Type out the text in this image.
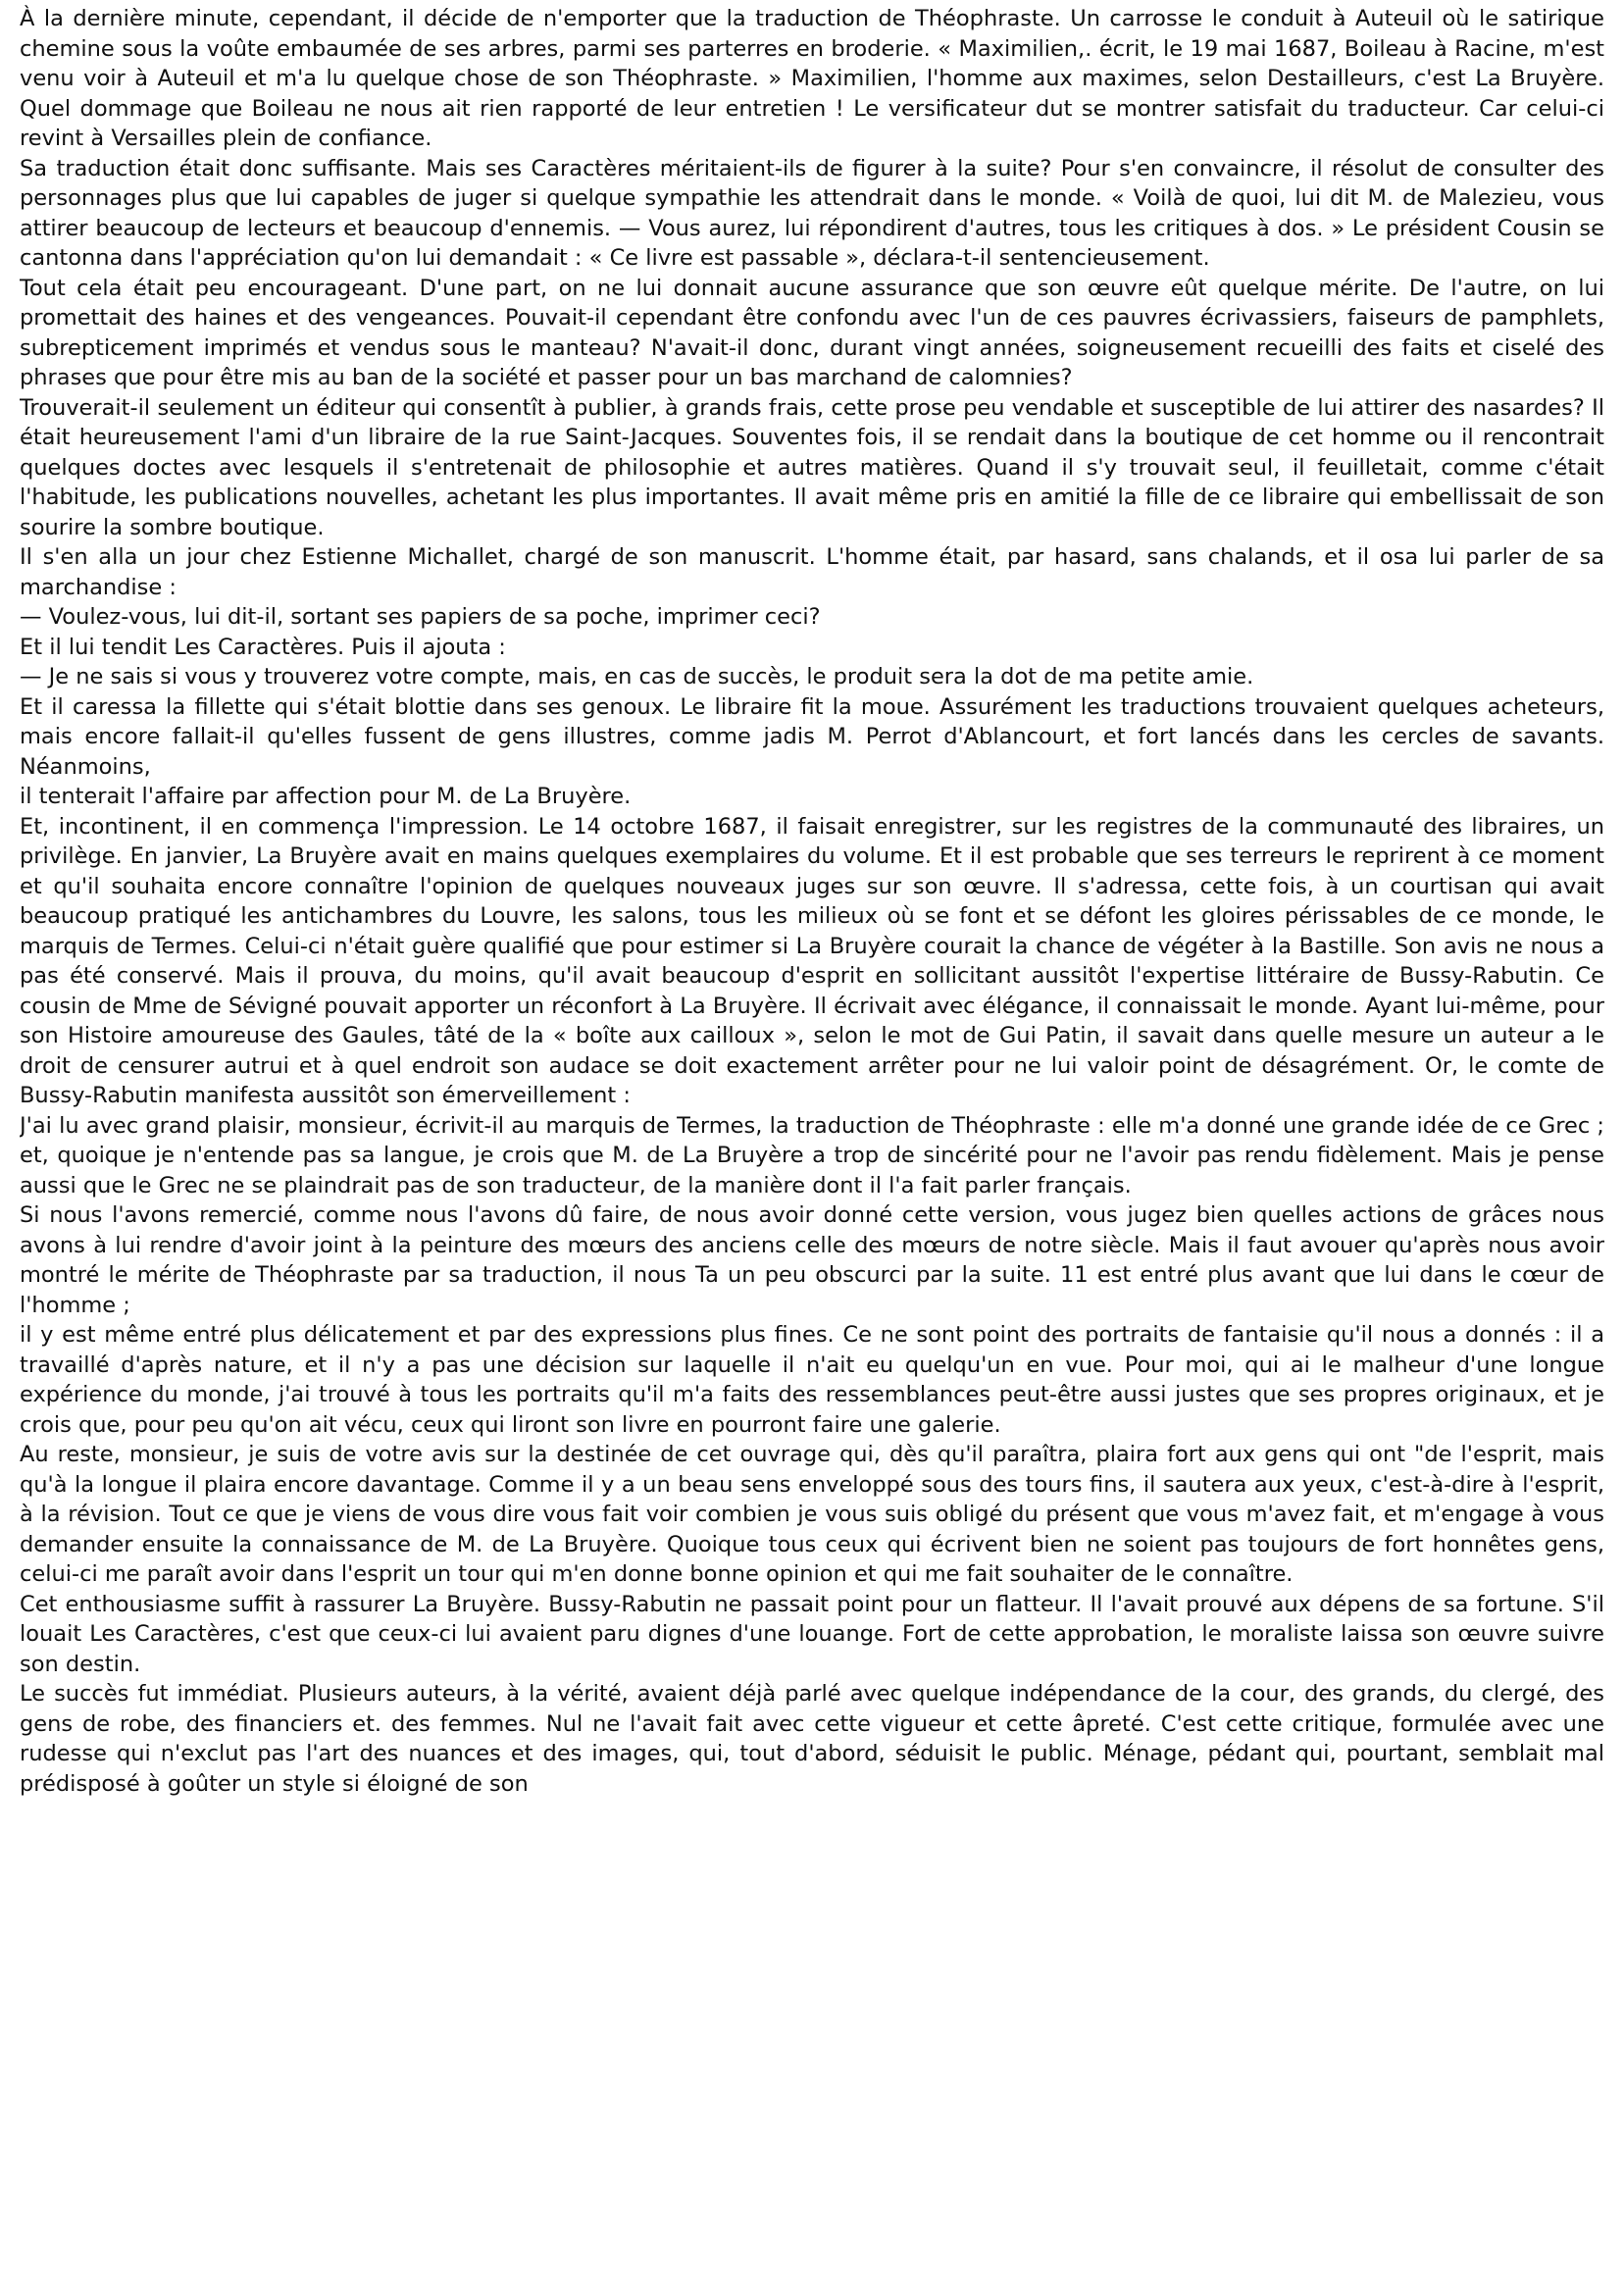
À la dernière minute, cependant, il décide de n'emporter que la traduction de Théophraste. Un carrosse le conduit à Auteuil où le satirique chemine sous la voûte embaumée de ses arbres, parmi ses parterres en broderie. « Maximilien,. écrit, le 19 mai 1687, Boileau à Racine, m'est venu voir à Auteuil et m'a lu quelque chose de son Théophraste. » Maximilien, l'homme aux maximes, selon Destailleurs, c'est La Bruyère. Quel dommage que Boileau ne nous ait rien rapporté de leur entretien ! Le versificateur dut se montrer satisfait du traducteur. Car celui-ci revint à Versailles plein de confiance.

Sa traduction était donc suffisante. Mais ses Caractères méritaient-ils de figurer à la suite? Pour s'en convaincre, il résolut de consulter des personnages plus que lui capables de juger si quelque sympathie les attendrait dans le monde. « Voilà de quoi, lui dit M. de Malezieu, vous attirer beaucoup de lecteurs et beaucoup d'ennemis. — Vous aurez, lui répondirent d'autres, tous les critiques à dos. » Le président Cousin se cantonna dans l'appréciation qu'on lui demandait : « Ce livre est passable », déclara-t-il sentencieusement.

Tout cela était peu encourageant. D'une part, on ne lui donnait aucune assurance que son œuvre eût quelque mérite. De l'autre, on lui promettait des haines et des vengeances. Pouvait-il cependant être confondu avec l'un de ces pauvres écrivassiers, faiseurs de pamphlets, subrepticement imprimés et vendus sous le manteau? N'avait-il donc, durant vingt années, soigneusement recueilli des faits et ciselé des phrases que pour être mis au ban de la société et passer pour un bas marchand de calomnies?

Trouverait-il seulement un éditeur qui consentît à publier, à grands frais, cette prose peu vendable et susceptible de lui attirer des nasardes? Il était heureusement l'ami d'un libraire de la rue Saint-Jacques. Souventes fois, il se rendait dans la boutique de cet homme ou il rencontrait quelques doctes avec lesquels il s'entretenait de philosophie et autres matières. Quand il s'y trouvait seul, il feuilletait, comme c'était l'habitude, les publications nouvelles, achetant les plus importantes. Il avait même pris en amitié la fille de ce libraire qui embellissait de son sourire la sombre boutique.

Il s'en alla un jour chez Estienne Michallet, chargé de son manuscrit. L'homme était, par hasard, sans chalands, et il osa lui parler de sa marchandise :

— Voulez-vous, lui dit-il, sortant ses papiers de sa poche, imprimer ceci?

Et il lui tendit Les Caractères. Puis il ajouta :

— Je ne sais si vous y trouverez votre compte, mais, en cas de succès, le produit sera la dot de ma petite amie.

Et il caressa la fillette qui s'était blottie dans ses genoux. Le libraire fit la moue. Assurément les traductions trouvaient quelques acheteurs, mais encore fallait-il qu'elles fussent de gens illustres, comme jadis M. Perrot d'Ablancourt, et fort lancés dans les cercles de savants. Néanmoins,

il tenterait l'affaire par affection pour M. de La Bruyère.

Et, incontinent, il en commença l'impression. Le 14 octobre 1687, il faisait enregistrer, sur les registres de la communauté des libraires, un privilège. En janvier, La Bruyère avait en mains quelques exemplaires du volume. Et il est probable que ses terreurs le reprirent à ce moment et qu'il souhaita encore connaître l'opinion de quelques nouveaux juges sur son œuvre. Il s'adressa, cette fois, à un courtisan qui avait beaucoup pratiqué les antichambres du Louvre, les salons, tous les milieux où se font et se défont les gloires périssables de ce monde, le marquis de Termes. Celui-ci n'était guère qualifié que pour estimer si La Bruyère courait la chance de végéter à la Bastille. Son avis ne nous a pas été conservé. Mais il prouva, du moins, qu'il avait beaucoup d'esprit en sollicitant aussitôt l'expertise littéraire de Bussy-Rabutin. Ce cousin de Mme de Sévigné pouvait apporter un réconfort à La Bruyère. Il écrivait avec élégance, il connaissait le monde. Ayant lui-même, pour son Histoire amoureuse des Gaules, tâté de la « boîte aux cailloux », selon le mot de Gui Patin, il savait dans quelle mesure un auteur a le droit de censurer autrui et à quel endroit son audace se doit exactement arrêter pour ne lui valoir point de désagrément. Or, le comte de Bussy-Rabutin manifesta aussitôt son émerveillement :

J'ai lu avec grand plaisir, monsieur, écrivit-il au marquis de Termes, la traduction de Théophraste : elle m'a donné une grande idée de ce Grec ; et, quoique je n'entende pas sa langue, je crois que M. de La Bruyère a trop de sincérité pour ne l'avoir pas rendu fidèlement. Mais je pense aussi que le Grec ne se plaindrait pas de son traducteur, de la manière dont il l'a fait parler français.

Si nous l'avons remercié, comme nous l'avons dû faire, de nous avoir donné cette version, vous jugez bien quelles actions de grâces nous avons à lui rendre d'avoir joint à la peinture des mœurs des anciens celle des mœurs de notre siècle. Mais il faut avouer qu'après nous avoir montré le mérite de Théophraste par sa traduction, il nous Ta un peu obscurci par la suite. 11 est entré plus avant que lui dans le cœur de l'homme ;

il y est même entré plus délicatement et par des expressions plus fines. Ce ne sont point des portraits de fantaisie qu'il nous a donnés : il a travaillé d'après nature, et il n'y a pas une décision sur laquelle il n'ait eu quelqu'un en vue. Pour moi, qui ai le malheur d'une longue expérience du monde, j'ai trouvé à tous les portraits qu'il m'a faits des ressemblances peut-être aussi justes que ses propres originaux, et je crois que, pour peu qu'on ait vécu, ceux qui liront son livre en pourront faire une galerie.

Au reste, monsieur, je suis de votre avis sur la destinée de cet ouvrage qui, dès qu'il paraîtra, plaira fort aux gens qui ont "de l'esprit, mais qu'à la longue il plaira encore davantage. Comme il y a un beau sens enveloppé sous des tours fins, il sautera aux yeux, c'est-à-dire à l'esprit, à la révision. Tout ce que je viens de vous dire vous fait voir combien je vous suis obligé du présent que vous m'avez fait, et m'engage à vous demander ensuite la connaissance de M. de La Bruyère. Quoique tous ceux qui écrivent bien ne soient pas toujours de fort honnêtes gens, celui-ci me paraît avoir dans l'esprit un tour qui m'en donne bonne opinion et qui me fait souhaiter de le connaître.

Cet enthousiasme suffit à rassurer La Bruyère. Bussy-Rabutin ne passait point pour un flatteur. Il l'avait prouvé aux dépens de sa fortune. S'il louait Les Caractères, c'est que ceux-ci lui avaient paru dignes d'une louange. Fort de cette approbation, le moraliste laissa son œuvre suivre son destin.

Le succès fut immédiat. Plusieurs auteurs, à la vérité, avaient déjà parlé avec quelque indépendance de la cour, des grands, du clergé, des gens de robe, des financiers et. des femmes. Nul ne l'avait fait avec cette vigueur et cette âpreté. C'est cette critique, formulée avec une rudesse qui n'exclut pas l'art des nuances et des images, qui, tout d'abord, séduisit le public. Ménage, pédant qui, pourtant, semblait mal prédisposé à goûter un style si éloigné de son
